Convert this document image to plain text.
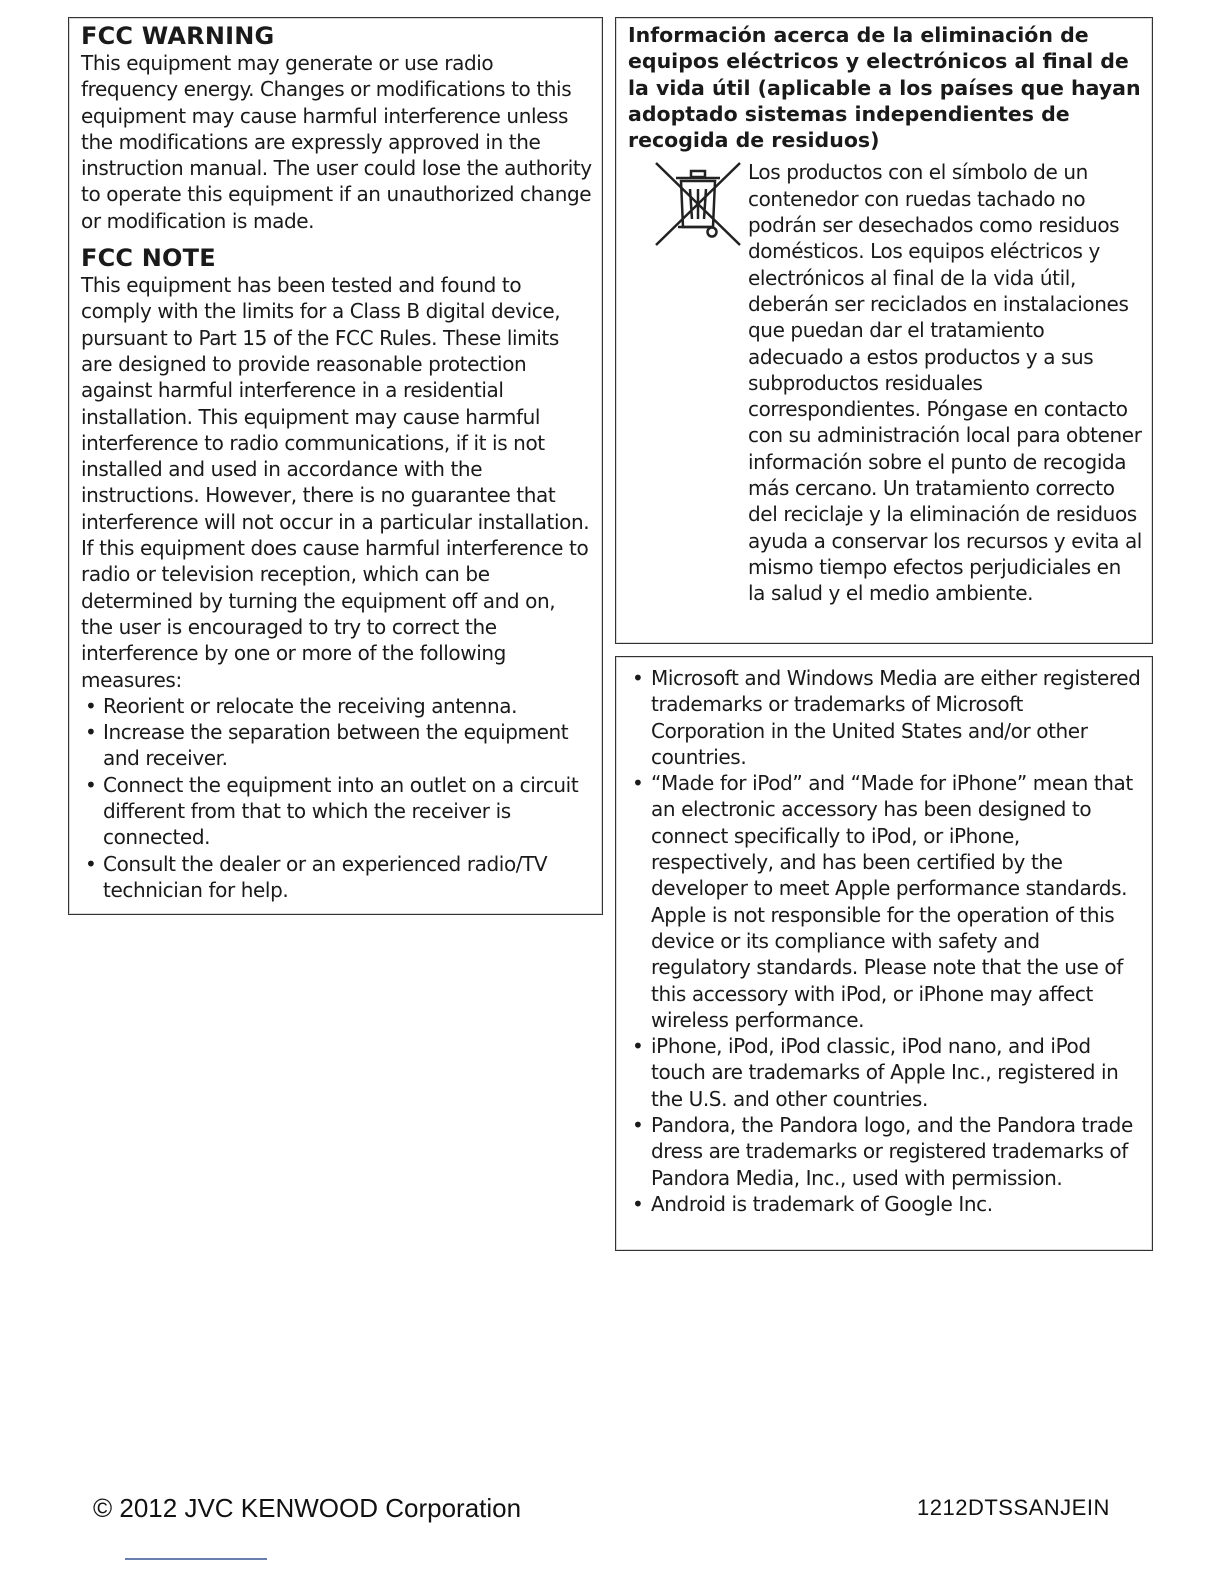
FCC WARNING

This equipment may generate or use radio frequency energy. Changes or modifications to this equipment may cause harmful interference unless the modifications are expressly approved in the instruction manual. The user could lose the authority to operate this equipment if an unauthorized change or modification is made.

FCC NOTE

This equipment has been tested and found to comply with the limits for a Class B digital device, pursuant to Part 15 of the FCC Rules. These limits are designed to provide reasonable protection against harmful interference in a residential installation. This equipment may cause harmful interference to radio communications, if it is not installed and used in accordance with the instructions. However, there is no guarantee that interference will not occur in a particular installation. If this equipment does cause harmful interference to radio or television reception, which can be determined by turning the equipment off and on, the user is encouraged to try to correct the interference by one or more of the following measures:

• Reorient or relocate the receiving antenna.
• Increase the separation between the equipment and receiver.
• Connect the equipment into an outlet on a circuit different from that to which the receiver is connected.
• Consult the dealer or an experienced radio/TV technician for help.
Información acerca de la eliminación de equipos eléctricos y electrónicos al final de la vida útil (aplicable a los países que hayan adoptado sistemas independientes de recogida de residuos)

Los productos con el símbolo de un contenedor con ruedas tachado no podrán ser desechados como residuos domésticos. Los equipos eléctricos y electrónicos al final de la vida útil, deberán ser reciclados en instalaciones que puedan dar el tratamiento adecuado a estos productos y a sus subproductos residuales correspondientes. Póngase en contacto con su administración local para obtener información sobre el punto de recogida más cercano. Un tratamiento correcto del reciclaje y la eliminación de residuos ayuda a conservar los recursos y evita al mismo tiempo efectos perjudiciales en la salud y el medio ambiente.

• Microsoft and Windows Media are either registered trademarks or trademarks of Microsoft Corporation in the United States and/or other countries.
• “Made for iPod” and “Made for iPhone” mean that an electronic accessory has been designed to connect specifically to iPod, or iPhone, respectively, and has been certified by the developer to meet Apple performance standards. Apple is not responsible for the operation of this device or its compliance with safety and regulatory standards. Please note that the use of this accessory with iPod, or iPhone may affect wireless performance.
• iPhone, iPod, iPod classic, iPod nano, and iPod touch are trademarks of Apple Inc., registered in the U.S. and other countries.
• Pandora, the Pandora logo, and the Pandora trade dress are trademarks or registered trademarks of Pandora Media, Inc., used with permission.
• Android is trademark of Google Inc.
© 2012 JVC KENWOOD Corporation	1212DTSSANJEIN
